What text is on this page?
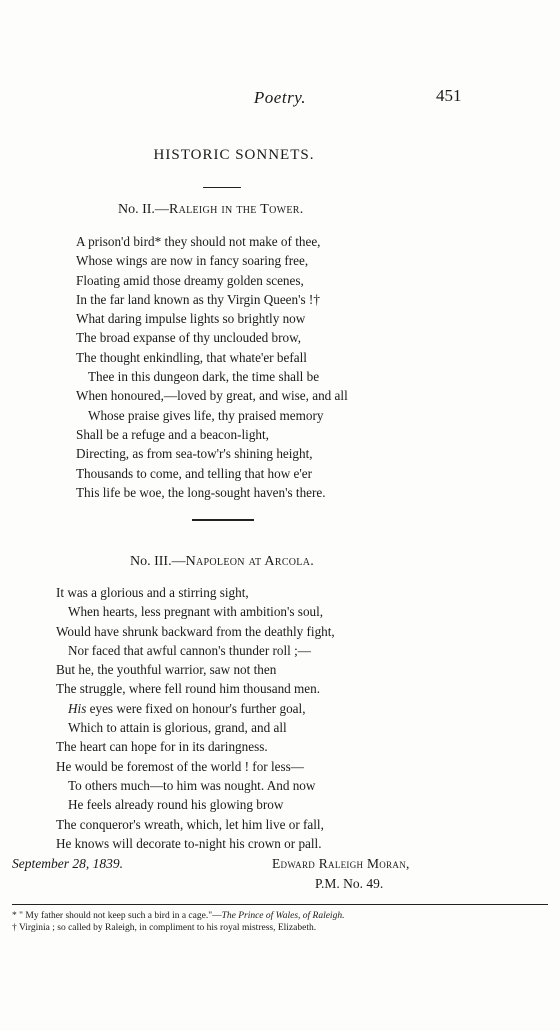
Poetry.	451
HISTORIC SONNETS.
No. II.—Raleigh in the Tower.
A prison'd bird* they should not make of thee,
Whose wings are now in fancy soaring free,
Floating amid those dreamy golden scenes,
In the far land known as thy Virgin Queen's !†
What daring impulse lights so brightly now
The broad expanse of thy unclouded brow,
The thought enkindling, that whate'er befall
Thee in this dungeon dark, the time shall be
When honoured,—loved by great, and wise, and all
Whose praise gives life, thy praised memory
Shall be a refuge and a beacon-light,
Directing, as from sea-tow'r's shining height,
Thousands to come, and telling that how e'er
This life be woe, the long-sought haven's there.
No. III.—Napoleon at Arcola.
It was a glorious and a stirring sight,
When hearts, less pregnant with ambition's soul,
Would have shrunk backward from the deathly fight,
Nor faced that awful cannon's thunder roll ;—
But he, the youthful warrior, saw not then
The struggle, where fell round him thousand men.
His eyes were fixed on honour's further goal,
Which to attain is glorious, grand, and all
The heart can hope for in its daringness.
He would be foremost of the world ! for less—
To others much—to him was nought. And now
He feels already round his glowing brow
The conqueror's wreath, which, let him live or fall,
He knows will decorate to-night his crown or pall.
September 28, 1839.	Edward Raleigh Moran,
P.M. No. 49.
* " My father should not keep such a bird in a cage."—The Prince of Wales, of Raleigh.
† Virginia ; so called by Raleigh, in compliment to his royal mistress, Elizabeth.
